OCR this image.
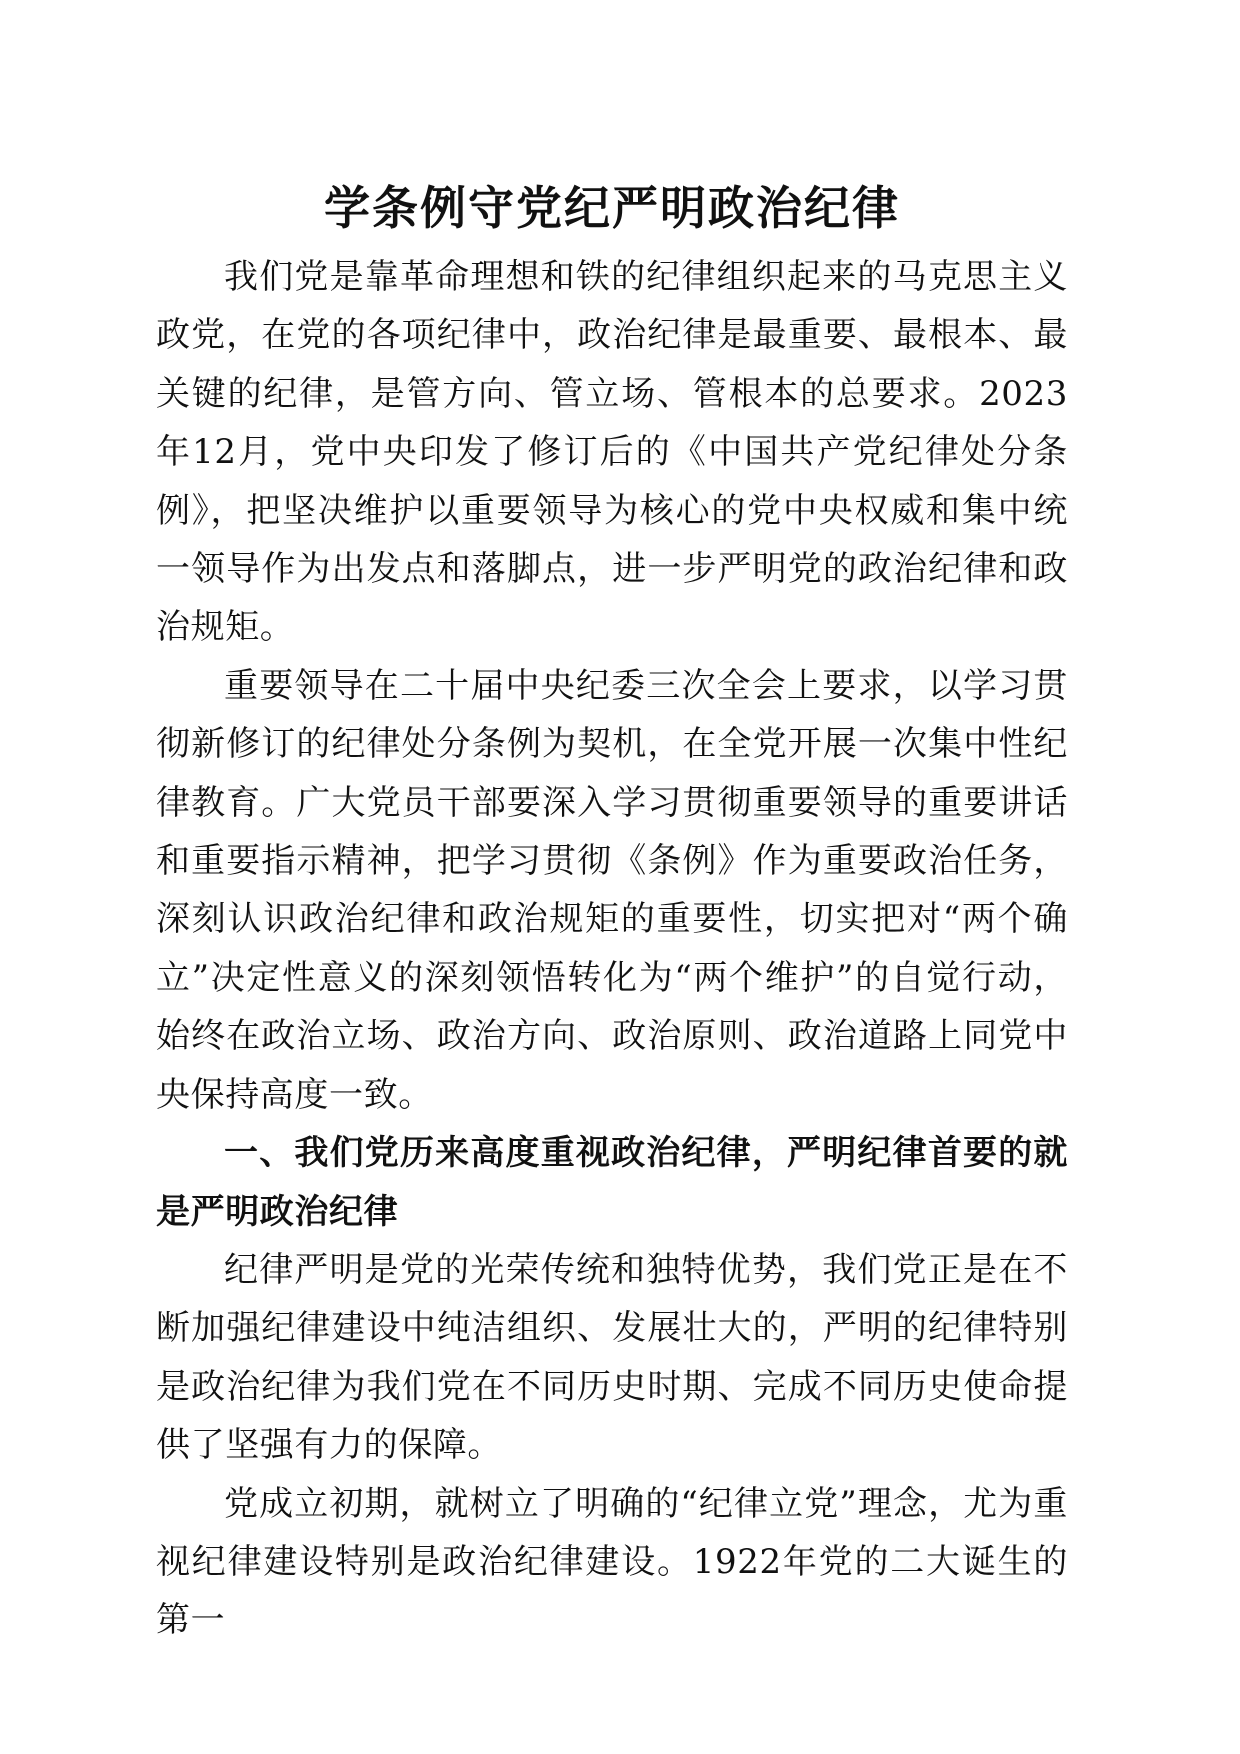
学条例守党纪严明政治纪律

我们党是靠革命理想和铁的纪律组织起来的马克思主义政党，在党的各项纪律中，政治纪律是最重要、最根本、最关键的纪律，是管方向、管立场、管根本的总要求。2023年12月，党中央印发了修订后的《中国共产党纪律处分条例》，把坚决维护以重要领导为核心的党中央权威和集中统一领导作为出发点和落脚点，进一步严明党的政治纪律和政治规矩。

重要领导在二十届中央纪委三次全会上要求，以学习贯彻新修订的纪律处分条例为契机，在全党开展一次集中性纪律教育。广大党员干部要深入学习贯彻重要领导的重要讲话和重要指示精神，把学习贯彻《条例》作为重要政治任务，深刻认识政治纪律和政治规矩的重要性，切实把对“两个确立”决定性意义的深刻领悟转化为“两个维护”的自觉行动，始终在政治立场、政治方向、政治原则、政治道路上同党中央保持高度一致。

一、我们党历来高度重视政治纪律，严明纪律首要的就是严明政治纪律

纪律严明是党的光荣传统和独特优势，我们党正是在不断加强纪律建设中纯洁组织、发展壮大的，严明的纪律特别是政治纪律为我们党在不同历史时期、完成不同历史使命提供了坚强有力的保障。

党成立初期，就树立了明确的“纪律立党”理念，尤为重视纪律建设特别是政治纪律建设。1922年党的二大诞生的第一
